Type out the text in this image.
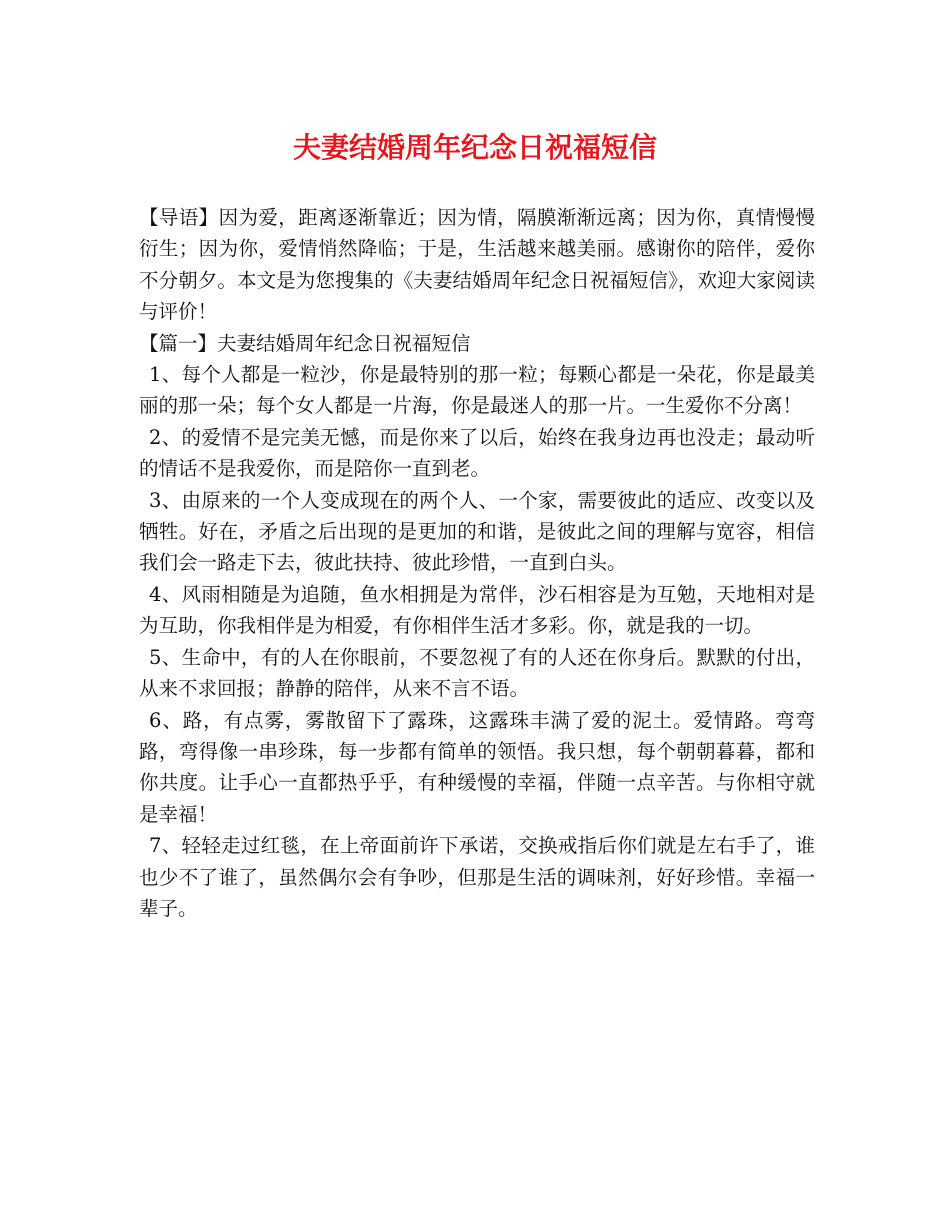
夫妻结婚周年纪念日祝福短信

【导语】因为爱，距离逐渐靠近；因为情，隔膜渐渐远离；因为你，真情慢慢衍生；因为你，爱情悄然降临；于是，生活越来越美丽。感谢你的陪伴，爱你不分朝夕。本文是为您搜集的《夫妻结婚周年纪念日祝福短信》，欢迎大家阅读与评价！

【篇一】夫妻结婚周年纪念日祝福短信

1、每个人都是一粒沙，你是最特别的那一粒；每颗心都是一朵花，你是最美丽的那一朵；每个女人都是一片海，你是最迷人的那一片。一生爱你不分离！

2、的爱情不是完美无憾，而是你来了以后，始终在我身边再也没走；最动听的情话不是我爱你，而是陪你一直到老。

3、由原来的一个人变成现在的两个人、一个家，需要彼此的适应、改变以及牺牲。好在，矛盾之后出现的是更加的和谐，是彼此之间的理解与宽容，相信我们会一路走下去，彼此扶持、彼此珍惜，一直到白头。

4、风雨相随是为追随，鱼水相拥是为常伴，沙石相容是为互勉，天地相对是为互助，你我相伴是为相爱，有你相伴生活才多彩。你，就是我的一切。

5、生命中，有的人在你眼前，不要忽视了有的人还在你身后。默默的付出，从来不求回报；静静的陪伴，从来不言不语。

6、路，有点雾，雾散留下了露珠，这露珠丰满了爱的泥土。爱情路。弯弯路，弯得像一串珍珠，每一步都有简单的领悟。我只想，每个朝朝暮暮，都和你共度。让手心一直都热乎乎，有种缓慢的幸福，伴随一点辛苦。与你相守就是幸福！

7、轻轻走过红毯，在上帝面前许下承诺，交换戒指后你们就是左右手了，谁也少不了谁了，虽然偶尔会有争吵，但那是生活的调味剂，好好珍惜。幸福一辈子。
